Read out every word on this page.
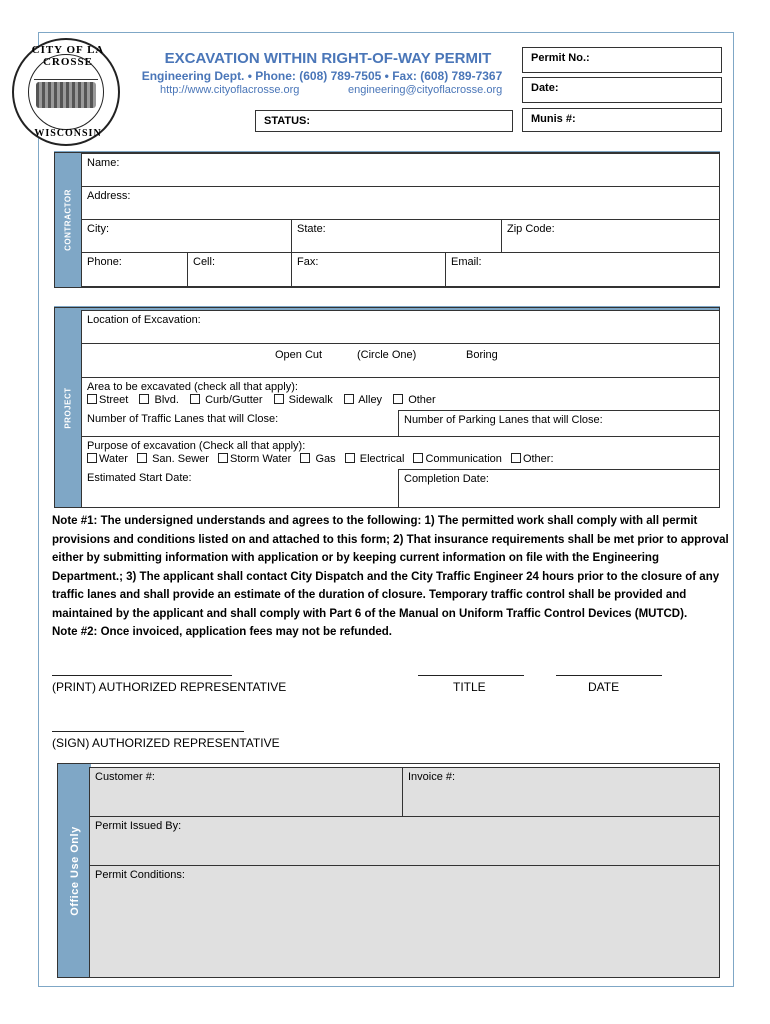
CITY OF LA CROSSE
WISCONSIN
EXCAVATION WITHIN RIGHT-OF-WAY PERMIT
Engineering Dept. • Phone: (608) 789-7505 • Fax: (608) 789-7367
http://www.cityoflacrosse.org	engineering@cityoflacrosse.org
Permit No.:
Date:
Munis #:
STATUS:
CONTRACTOR
Name:
Address:
City:	State:	Zip Code:
Phone:	Cell:	Fax:	Email:
PROJECT
Location of Excavation:
Open Cut	(Circle One)	Boring
Area to be excavated (check all that apply):
Street Blvd. Curb/Gutter Sidewalk Alley Other
Number of Traffic Lanes that will Close:	Number of Parking Lanes that will Close:
Purpose of excavation (Check all that apply):
Water San. Sewer Storm Water Gas Electrical Communication Other:
Estimated Start Date:	Completion Date:
Note #1: The undersigned understands and agrees to the following: 1) The permitted work shall comply with all permit provisions and conditions listed on and attached to this form; 2) That insurance requirements shall be met prior to approval either by submitting information with application or by keeping current information on file with the Engineering Department.; 3) The applicant shall contact City Dispatch and the City Traffic Engineer 24 hours prior to the closure of any traffic lanes and shall provide an estimate of the duration of closure. Temporary traffic control shall be provided and maintained by the applicant and shall comply with Part 6 of the Manual on Uniform Traffic Control Devices (MUTCD).
Note #2: Once invoiced, application fees may not be refunded.
(PRINT) AUTHORIZED REPRESENTATIVE	TITLE	DATE
(SIGN) AUTHORIZED REPRESENTATIVE
Office Use Only
Customer #:	Invoice #:
Permit Issued By:
Permit Conditions:
